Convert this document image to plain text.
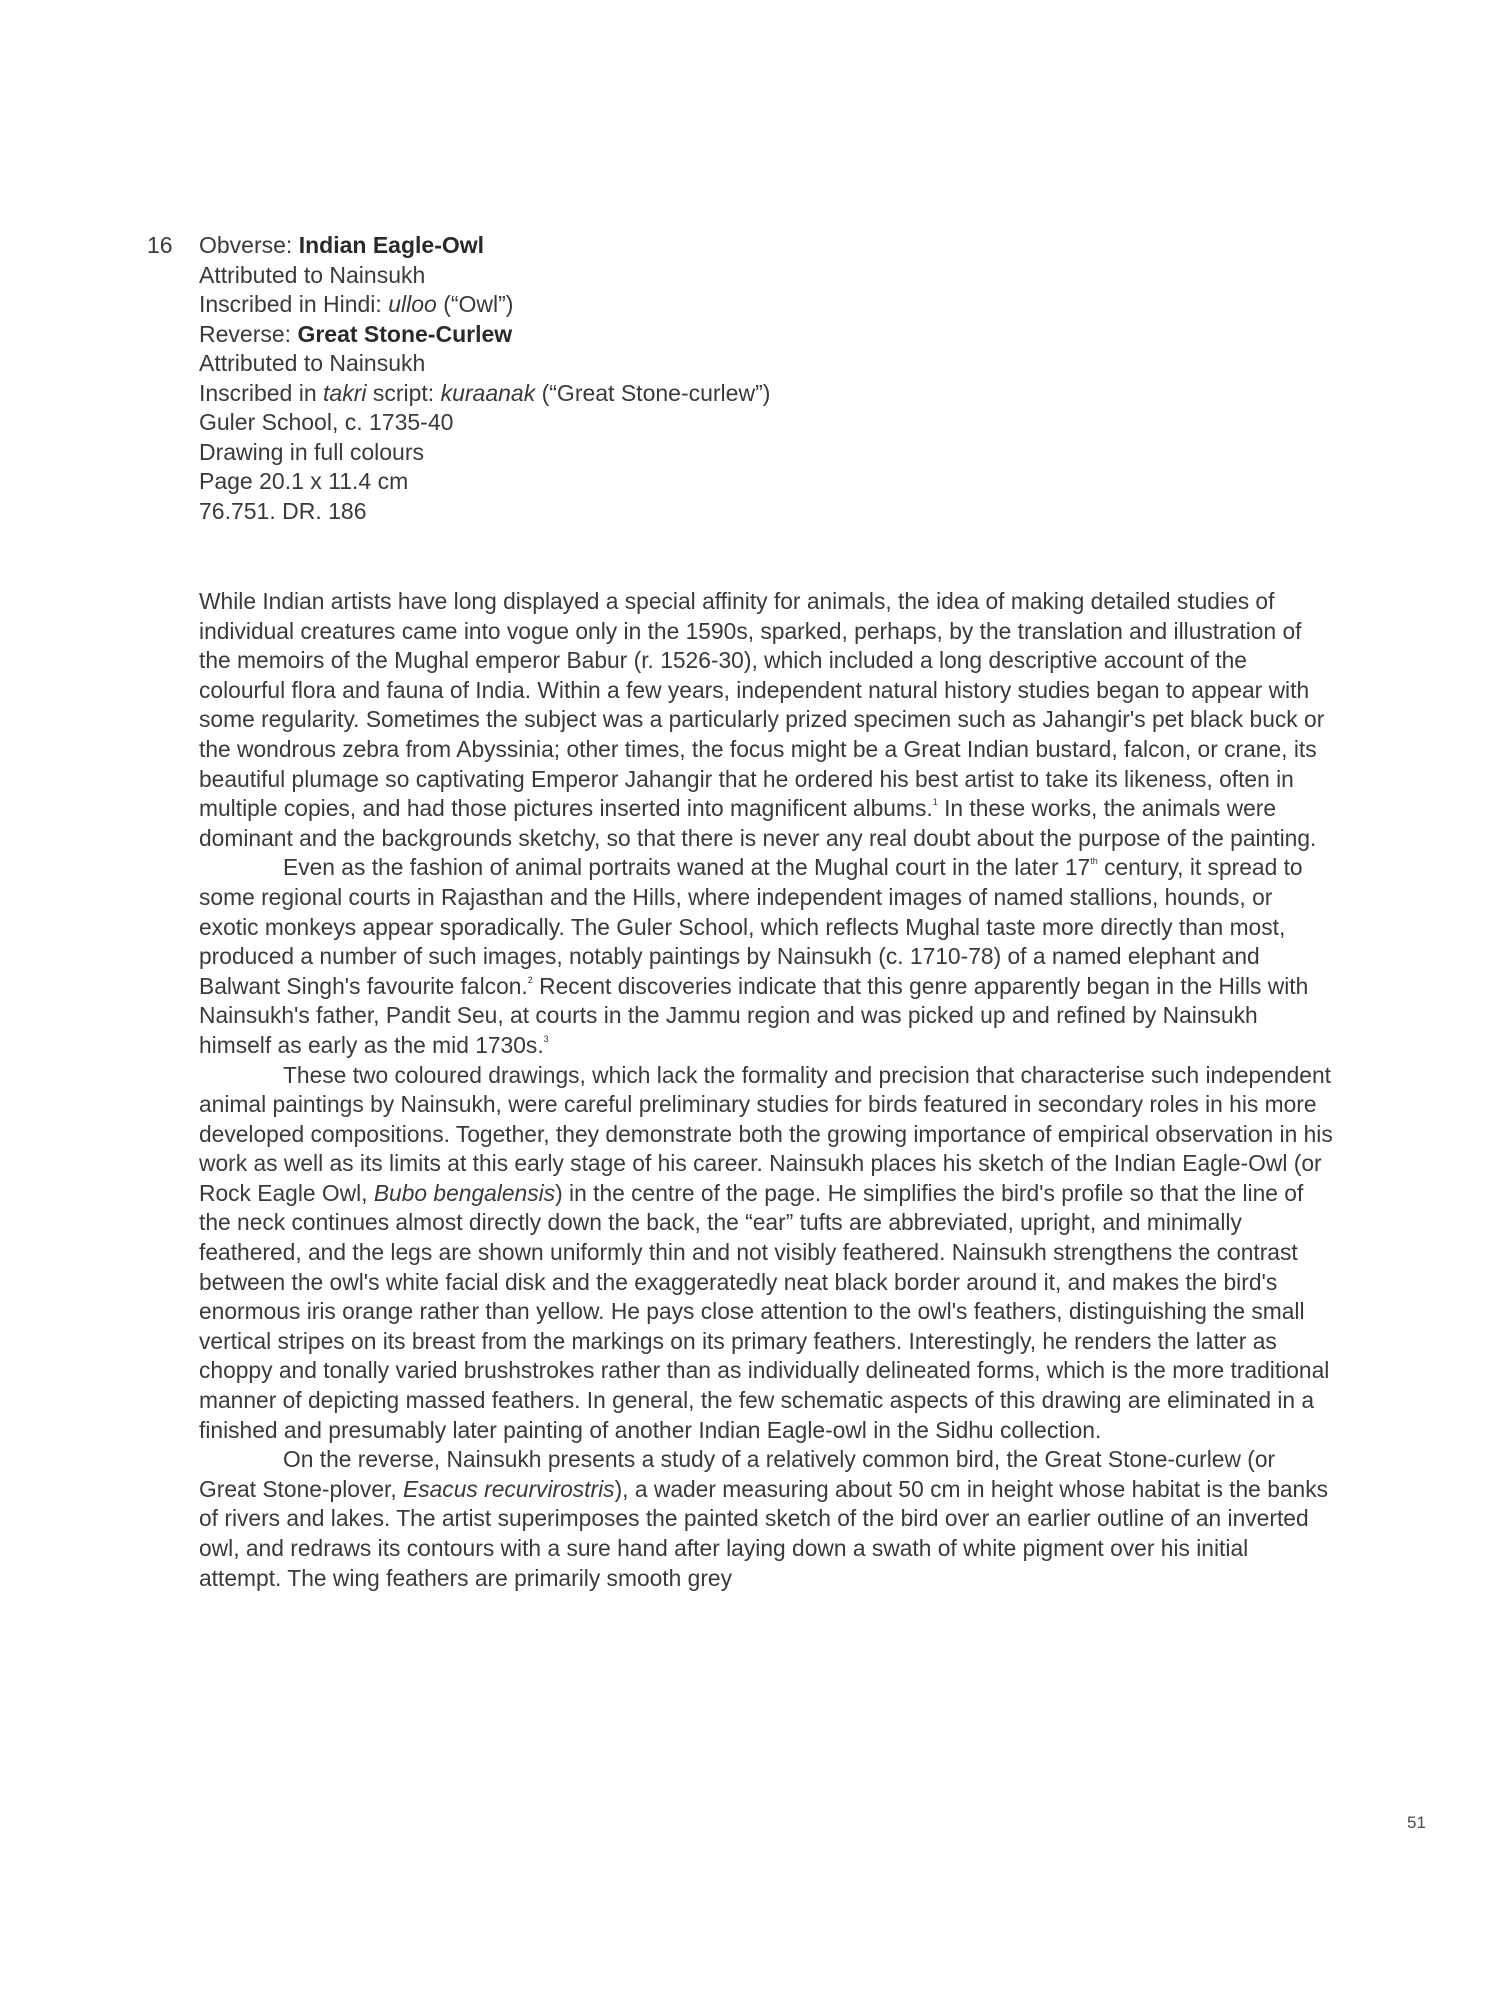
16 Obverse: Indian Eagle-Owl
Attributed to Nainsukh
Inscribed in Hindi: ulloo (“Owl”)
Reverse: Great Stone-Curlew
Attributed to Nainsukh
Inscribed in takri script: kuraanak (“Great Stone-curlew”)
Guler School, c. 1735-40
Drawing in full colours
Page 20.1 x 11.4 cm
76.751. DR. 186

While Indian artists have long displayed a special affinity for animals, the idea of making detailed studies of individual creatures came into vogue only in the 1590s, sparked, perhaps, by the translation and illustration of the memoirs of the Mughal emperor Babur (r. 1526-30), which included a long descriptive account of the colourful flora and fauna of India. Within a few years, independent natural history studies began to appear with some regularity. Sometimes the subject was a particularly prized specimen such as Jahangir's pet black buck or the wondrous zebra from Abyssinia; other times, the focus might be a Great Indian bustard, falcon, or crane, its beautiful plumage so captivating Emperor Jahangir that he ordered his best artist to take its likeness, often in multiple copies, and had those pictures inserted into magnificent albums.$^1$ In these works, the animals were dominant and the backgrounds sketchy, so that there is never any real doubt about the purpose of the painting.

Even as the fashion of animal portraits waned at the Mughal court in the later 17th century, it spread to some regional courts in Rajasthan and the Hills, where independent images of named stallions, hounds, or exotic monkeys appear sporadically. The Guler School, which reflects Mughal taste more directly than most, produced a number of such images, notably paintings by Nainsukh (c. 1710-78) of a named elephant and Balwant Singh's favourite falcon.$^2$ Recent discoveries indicate that this genre apparently began in the Hills with Nainsukh's father, Pandit Seu, at courts in the Jammu region and was picked up and refined by Nainsukh himself as early as the mid 1730s.$^3$

These two coloured drawings, which lack the formality and precision that characterise such independent animal paintings by Nainsukh, were careful preliminary studies for birds featured in secondary roles in his more developed compositions. Together, they demonstrate both the growing importance of empirical observation in his work as well as its limits at this early stage of his career. Nainsukh places his sketch of the Indian Eagle-Owl (or Rock Eagle Owl, Bubo bengalensis) in the centre of the page. He simplifies the bird's profile so that the line of the neck continues almost directly down the back, the “ear” tufts are abbreviated, upright, and minimally feathered, and the legs are shown uniformly thin and not visibly feathered. Nainsukh strengthens the contrast between the owl's white facial disk and the exaggeratedly neat black border around it, and makes the bird's enormous iris orange rather than yellow. He pays close attention to the owl's feathers, distinguishing the small vertical stripes on its breast from the markings on its primary feathers. Interestingly, he renders the latter as choppy and tonally varied brushstrokes rather than as individually delineated forms, which is the more traditional manner of depicting massed feathers. In general, the few schematic aspects of this drawing are eliminated in a finished and presumably later painting of another Indian Eagle-owl in the Sidhu collection.

On the reverse, Nainsukh presents a study of a relatively common bird, the Great Stone-curlew (or Great Stone-plover, Esacus recurvirostris), a wader measuring about 50 cm in height whose habitat is the banks of rivers and lakes. The artist superimposes the painted sketch of the bird over an earlier outline of an inverted owl, and redraws its contours with a sure hand after laying down a swath of white pigment over his initial attempt. The wing feathers are primarily smooth grey

51
